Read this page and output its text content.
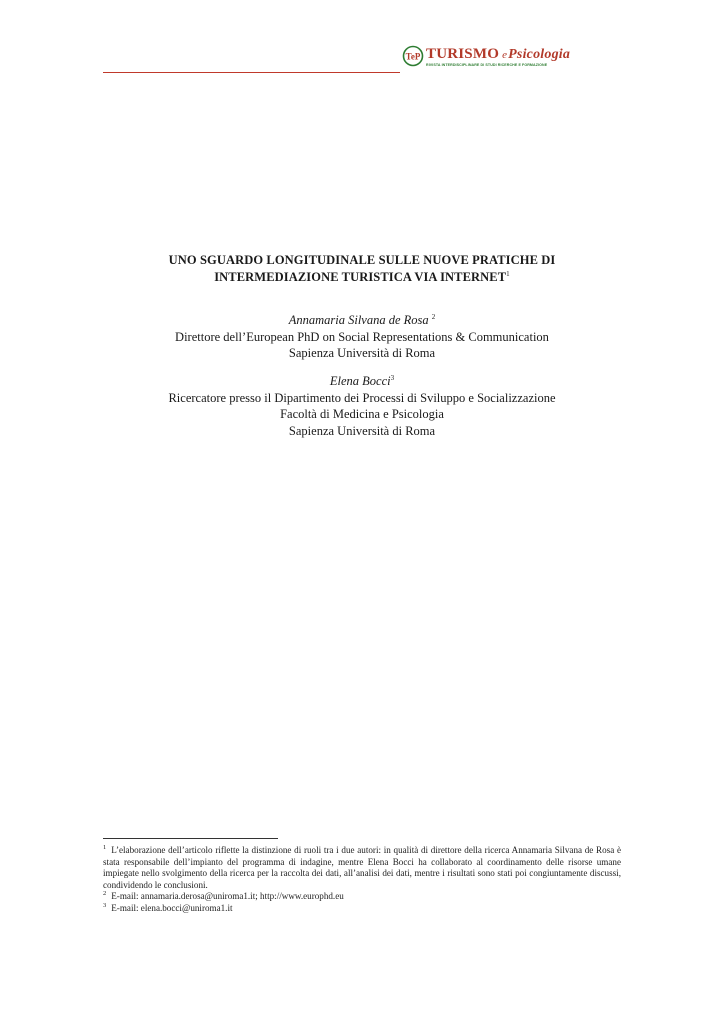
TeP TURISMO ePsicologia
RIVISTA INTERDISCIPLINARE DI STUDI RICERCHE E FORMAZIONE
UNO SGUARDO LONGITUDINALE SULLE NUOVE PRATICHE DI
INTERMEDIAZIONE TURISTICA VIA INTERNET$^1$
Annamaria Silvana de Rosa $^2$
Direttore dell’European PhD on Social Representations & Communication
Sapienza Università di Roma
Elena Bocci$^3$
Ricercatore presso il Dipartimento dei Processi di Sviluppo e Socializzazione
Facoltà di Medicina e Psicologia
Sapienza Università di Roma

$^1$ L’elaborazione dell’articolo riflette la distinzione di ruoli tra i due autori: in qualità di direttore della ricerca Annamaria Silvana de Rosa è stata responsabile dell’impianto del programma di indagine, mentre Elena Bocci ha collaborato al coordinamento delle risorse umane impiegate nello svolgimento della ricerca per la raccolta dei dati, all’analisi dei dati, mentre i risultati sono stati poi congiuntamente discussi, condividendo le conclusioni.

$^2$ E-mail: annamaria.derosa@uniroma1.it; http://www.europhd.eu

$^3$ E-mail: elena.bocci@uniroma1.it
